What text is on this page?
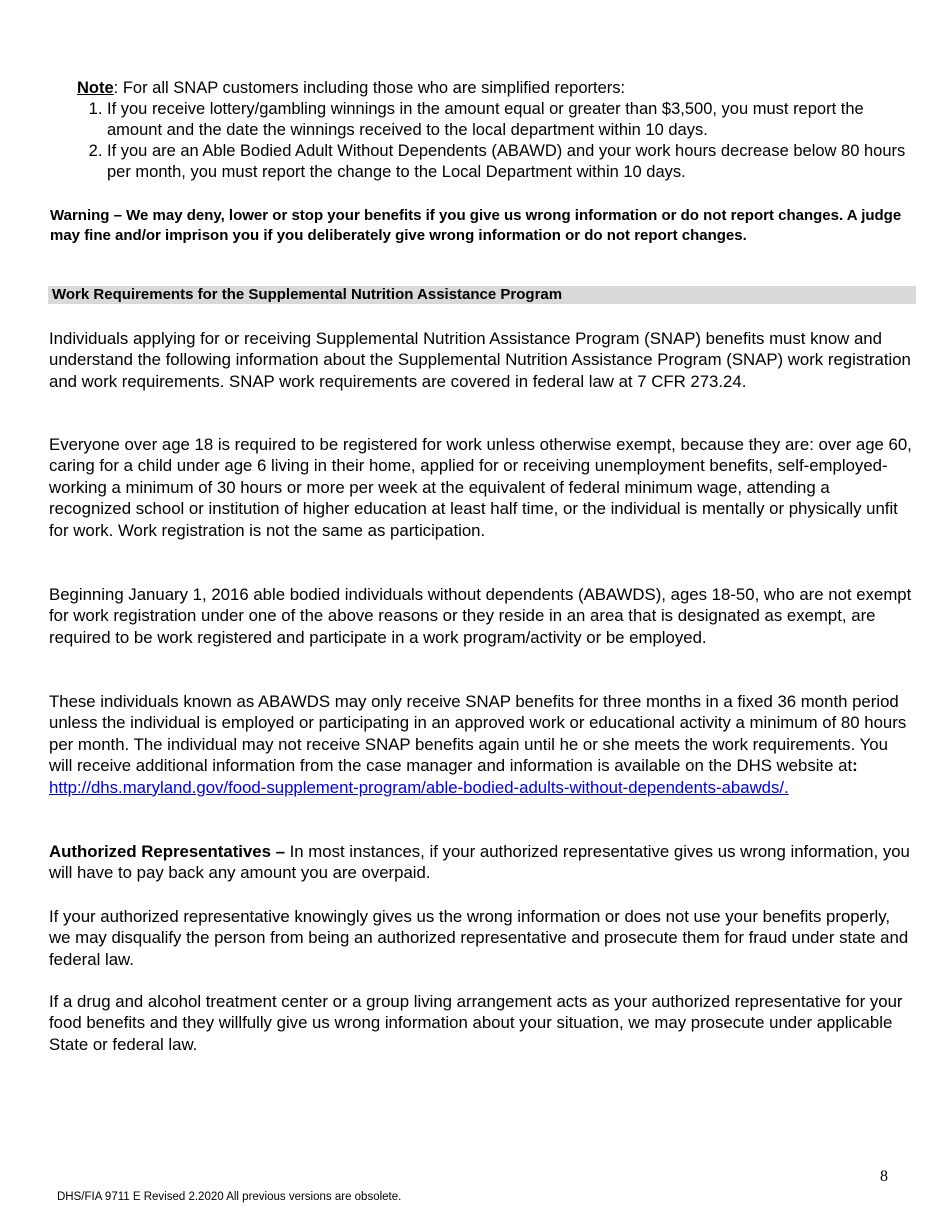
Note: For all SNAP customers including those who are simplified reporters:
1. If you receive lottery/gambling winnings in the amount equal or greater than $3,500, you must report the amount and the date the winnings received to the local department within 10 days.
2. If you are an Able Bodied Adult Without Dependents (ABAWD) and your work hours decrease below 80 hours per month, you must report the change to the Local Department within 10 days.
Warning – We may deny, lower or stop your benefits if you give us wrong information or do not report changes. A judge may fine and/or imprison you if you deliberately give wrong information or do not report changes.
Work Requirements for the Supplemental Nutrition Assistance Program

Individuals applying for or receiving Supplemental Nutrition Assistance Program (SNAP) benefits must know and understand the following information about the Supplemental Nutrition Assistance Program (SNAP) work registration and work requirements. SNAP work requirements are covered in federal law at 7 CFR 273.24.

Everyone over age 18 is required to be registered for work unless otherwise exempt, because they are: over age 60, caring for a child under age 6 living in their home, applied for or receiving unemployment benefits, self-employed- working a minimum of 30 hours or more per week at the equivalent of federal minimum wage, attending a recognized school or institution of higher education at least half time, or the individual is mentally or physically unfit for work. Work registration is not the same as participation.

Beginning January 1, 2016 able bodied individuals without dependents (ABAWDS), ages 18-50, who are not exempt for work registration under one of the above reasons or they reside in an area that is designated as exempt, are required to be work registered and participate in a work program/activity or be employed.

These individuals known as ABAWDS may only receive SNAP benefits for three months in a fixed 36 month period unless the individual is employed or participating in an approved work or educational activity a minimum of 80 hours per month. The individual may not receive SNAP benefits again until he or she meets the work requirements. You will receive additional information from the case manager and information is available on the DHS website at: http://dhs.maryland.gov/food-supplement-program/able-bodied-adults-without-dependents-abawds/.

Authorized Representatives – In most instances, if your authorized representative gives us wrong information, you will have to pay back any amount you are overpaid.

If your authorized representative knowingly gives us the wrong information or does not use your benefits properly, we may disqualify the person from being an authorized representative and prosecute them for fraud under state and federal law.

If a drug and alcohol treatment center or a group living arrangement acts as your authorized representative for your food benefits and they willfully give us wrong information about your situation, we may prosecute under applicable State or federal law.

8
DHS/FIA 9711 E Revised 2.2020 All previous versions are obsolete.
